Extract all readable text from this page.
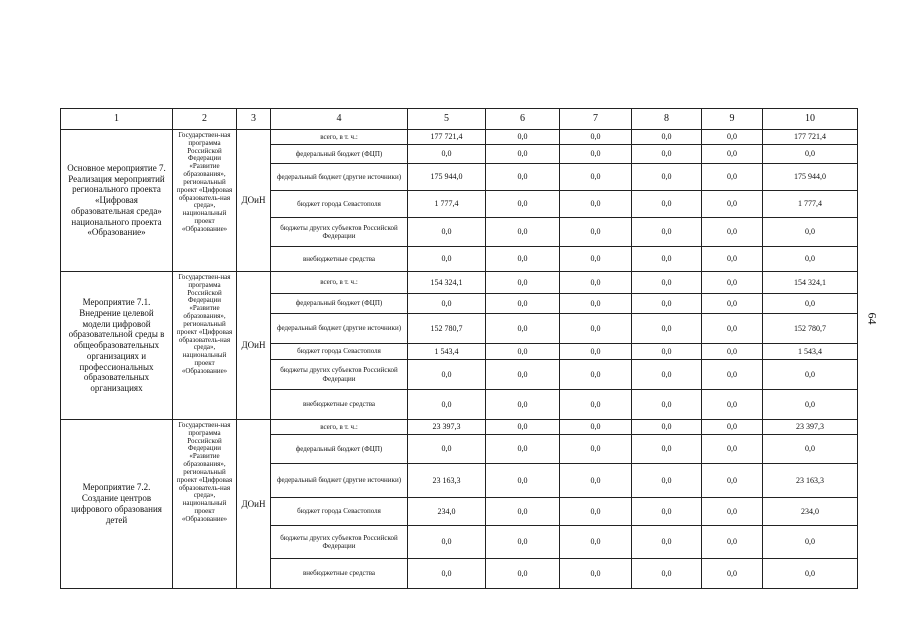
1	2	3	4	5	6	7	8	9	10
Основное мероприятие 7. Реализация мероприятий регионального проекта «Цифровая образовательная среда» национального проекта «Образование»	Государствен-ная программа Российской Федерации «Развитие образования», региональный проект «Цифровая образователь-ная среда», национальный проект «Образование»	ДОиН	всего, в т. ч.:	177 721,4	0,0	0,0	0,0	0,0	177 721,4
			федеральный бюджет (ФЦП)	0,0	0,0	0,0	0,0	0,0	0,0
			федеральный бюджет (другие источники)	175 944,0	0,0	0,0	0,0	0,0	175 944,0
			бюджет города Севастополя	1 777,4	0,0	0,0	0,0	0,0	1 777,4
			бюджеты других субъектов Российской Федерации	0,0	0,0	0,0	0,0	0,0	0,0
			внебюджетные средства	0,0	0,0	0,0	0,0	0,0	0,0
Мероприятие 7.1. Внедрение целевой модели цифровой образовательной среды в общеобразовательных организациях и профессиональных образовательных организациях	Государствен-ная программа Российской Федерации «Развитие образования», региональный проект «Цифровая образователь-ная среда», национальный проект «Образование»	ДОиН	всего, в т. ч.:	154 324,1	0,0	0,0	0,0	0,0	154 324,1
			федеральный бюджет (ФЦП)	0,0	0,0	0,0	0,0	0,0	0,0
			федеральный бюджет (другие источники)	152 780,7	0,0	0,0	0,0	0,0	152 780,7
			бюджет города Севастополя	1 543,4	0,0	0,0	0,0	0,0	1 543,4
			бюджеты других субъектов Российской Федерации	0,0	0,0	0,0	0,0	0,0	0,0
			внебюджетные средства	0,0	0,0	0,0	0,0	0,0	0,0
Мероприятие 7.2. Создание центров цифрового образования детей	Государствен-ная программа Российской Федерации «Развитие образования», региональный проект «Цифровая образователь-ная среда», национальный проект «Образование»	ДОиН	всего, в т. ч.:	23 397,3	0,0	0,0	0,0	0,0	23 397,3
			федеральный бюджет (ФЦП)	0,0	0,0	0,0	0,0	0,0	0,0
			федеральный бюджет (другие источники)	23 163,3	0,0	0,0	0,0	0,0	23 163,3
			бюджет города Севастополя	234,0	0,0	0,0	0,0	0,0	234,0
			бюджеты других субъектов Российской Федерации	0,0	0,0	0,0	0,0	0,0	0,0
			внебюджетные средства	0,0	0,0	0,0	0,0	0,0	0,0
64
